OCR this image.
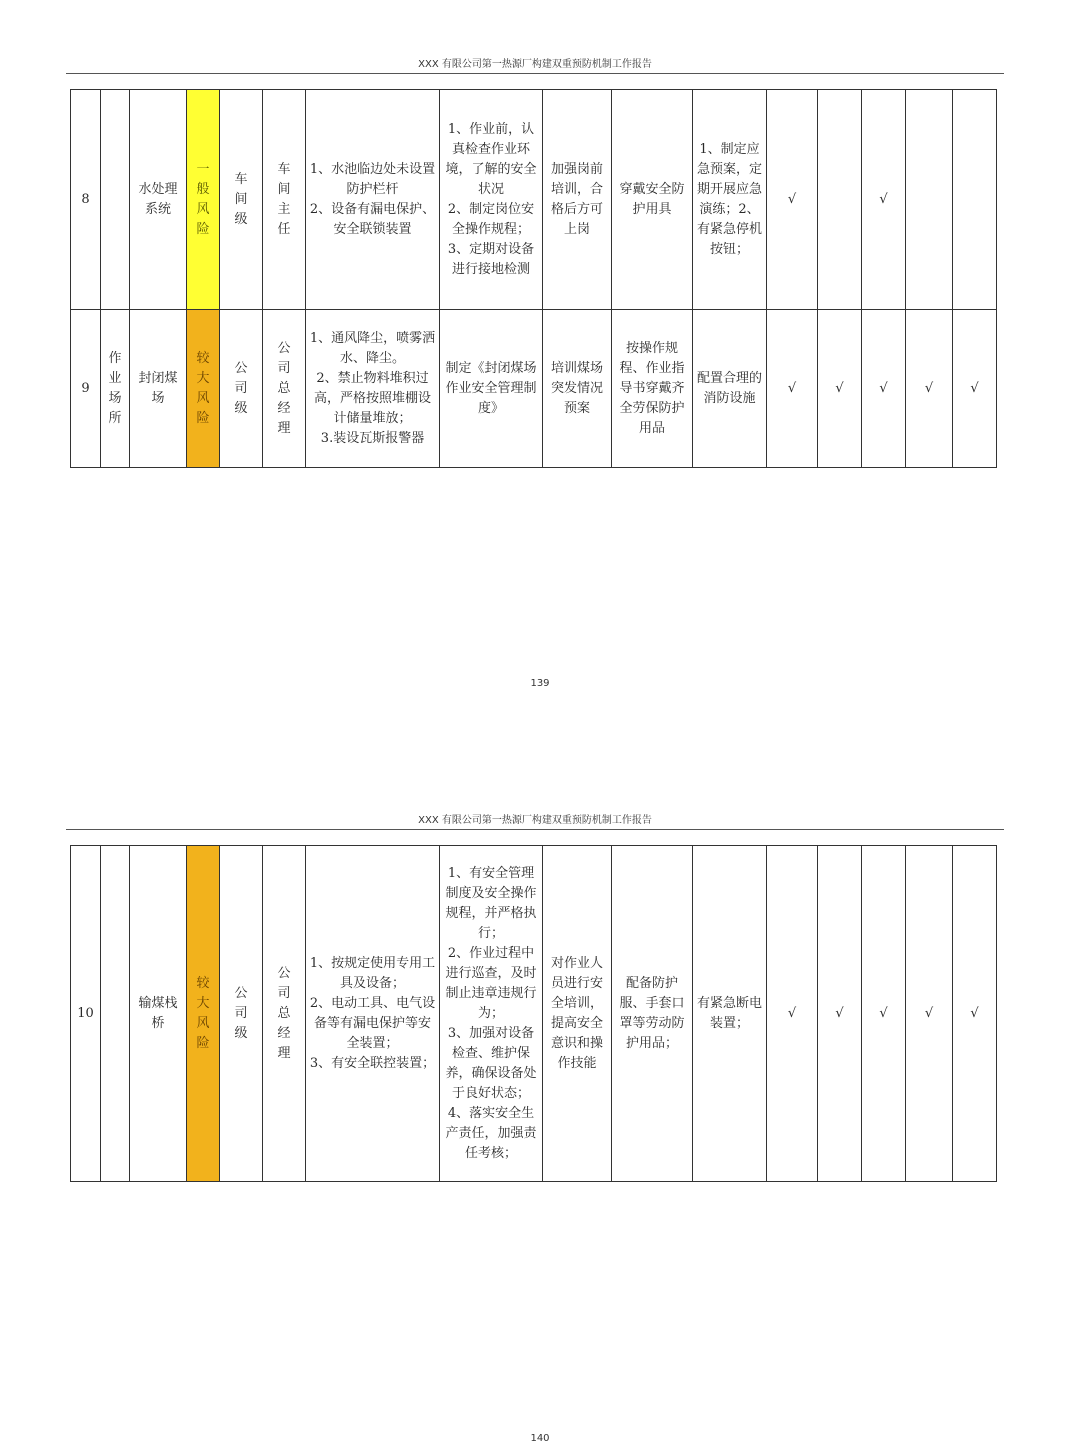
XXX 有限公司第一热源厂构建双重预防机制工作报告
8		水处理系统	一般风险	车间级	车间主任	1、水池临边处未设置防护栏杆
2、设备有漏电保护、安全联锁装置	1、作业前，认真检查作业环境，了解的安全状况
2、制定岗位安全操作规程；
3、定期对设备进行接地检测	加强岗前培训，合格后方可上岗	穿戴安全防护用具	1、制定应急预案，定期开展应急演练；2、有紧急停机按钮；	√		√		
9	作业场所	封闭煤场	较大风险	公司级	公司总经理	1、通风降尘，喷雾洒水、降尘。
2、禁止物料堆积过高，严格按照堆棚设计储量堆放；
3.装设瓦斯报警器	制定《封闭煤场作业安全管理制度》	培训煤场突发情况预案	按操作规程、作业指导书穿戴齐全劳保防护用品	配置合理的消防设施	√	√	√	√	√
139
XXX 有限公司第一热源厂构建双重预防机制工作报告
10		输煤栈桥	较大风险	公司级	公司总经理	1、按规定使用专用工具及设备；
2、电动工具、电气设备等有漏电保护等安全装置；
3、有安全联控装置；	1、有安全管理制度及安全操作规程，并严格执行；
2、作业过程中进行巡查，及时制止违章违规行为；
3、加强对设备检查、维护保养，确保设备处于良好状态；
4、落实安全生产责任，加强责任考核；	对作业人员进行安全培训，提高安全意识和操作技能	配备防护服、手套口罩等劳动防护用品；	有紧急断电装置；	√	√	√	√	√
140
